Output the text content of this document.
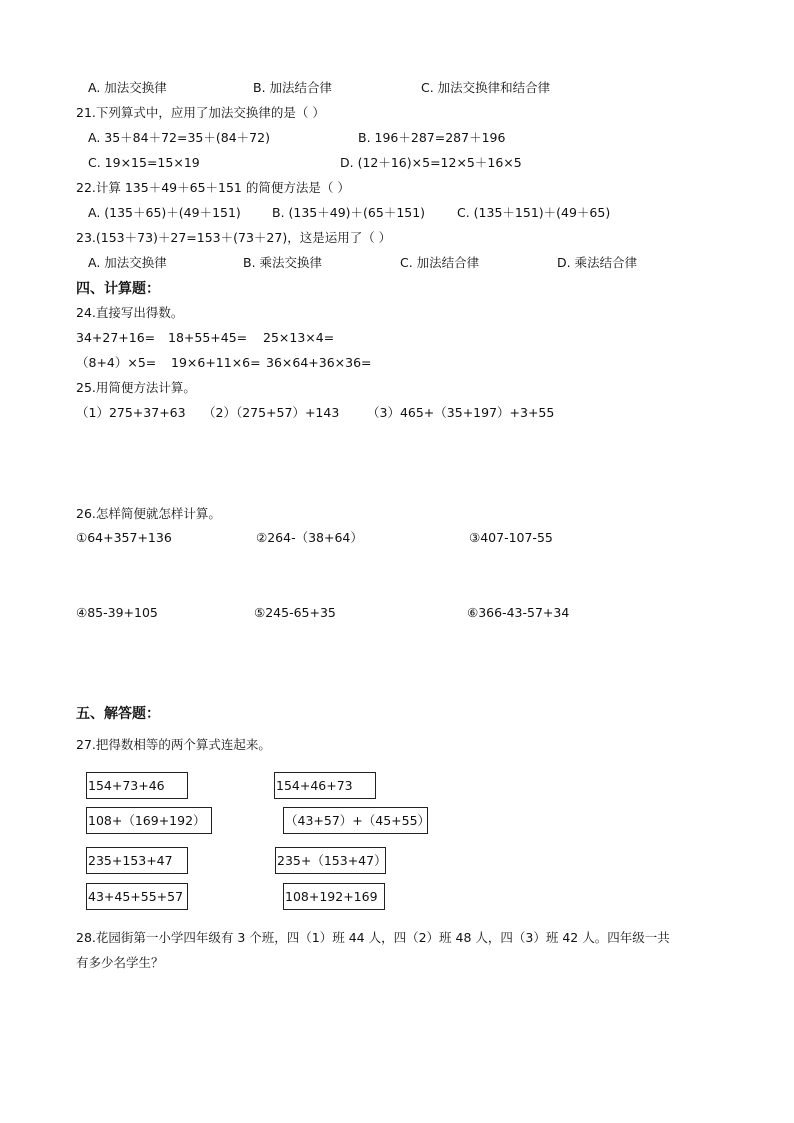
A. 加法交换律	B. 加法结合律	C. 加法交换律和结合律
21.下列算式中，应用了加法交换律的是（ ）
A. 35＋84＋72=35＋(84＋72)	B. 196＋287=287＋196
C. 19×15=15×19	D. (12＋16)×5=12×5＋16×5
22.计算 135＋49＋65＋151 的简便方法是（ ）
A. (135＋65)＋(49＋151) B. (135＋49)＋(65＋151)	C. (135＋151)＋(49＋65)
23.(153＋73)＋27=153＋(73＋27)，这是运用了（ ）
A. 加法交换律	B. 乘法交换律	C. 加法结合律	D. 乘法结合律
四、计算题：
24.直接写出得数。
34+27+16= 18+55+45= 25×13×4=
（8+4）×5= 19×6+11×6= 36×64+36×36=
25.用简便方法计算。
（1）275+37+63 （2）（275+57）+143 （3）465+（35+197）+3+55
26.怎样简便就怎样计算。
①64+357+136	②264-（38+64）	③407-107-55
④85-39+105	⑤245-65+35	⑥366-43-57+34
五、解答题：
27.把得数相等的两个算式连起来。
154+73+46
108+（169+192）
235+153+47
43+45+55+57
154+46+73
（43+57）+（45+55）
235+（153+47）
108+192+169
28.花园街第一小学四年级有 3 个班，四（1）班 44 人，四（2）班 48 人，四（3）班 42 人。四年级一共
有多少名学生？
